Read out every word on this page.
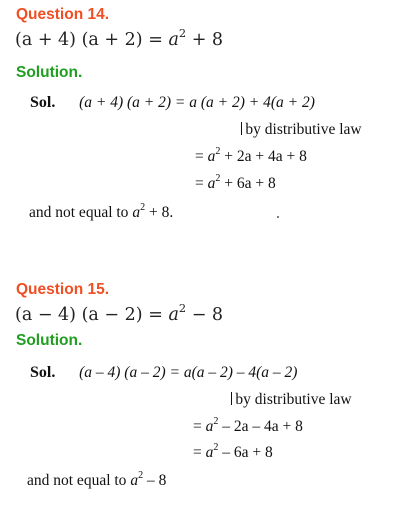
Question 14.
(a + 4) $(a + 2) = a^2 + 8$
Solution.
Sol. (a + 4) (a + 2) = a (a + 2) + 4(a + 2)
by distributive law
= $a^2 + 2a + 4a + 8$
= $a^2 + 6a + 8$
and not equal to $a^2 + 8$.
Question 15.
(a − 4) $(a - 2) = a^2 - 8$
Solution.
Sol. (a – 4) (a – 2) = a(a – 2) – 4(a – 2)
by distributive law
= $a^2 - 2a - 4a + 8$
= $a^2 - 6a + 8$
and not equal to $a^2 - 8$
